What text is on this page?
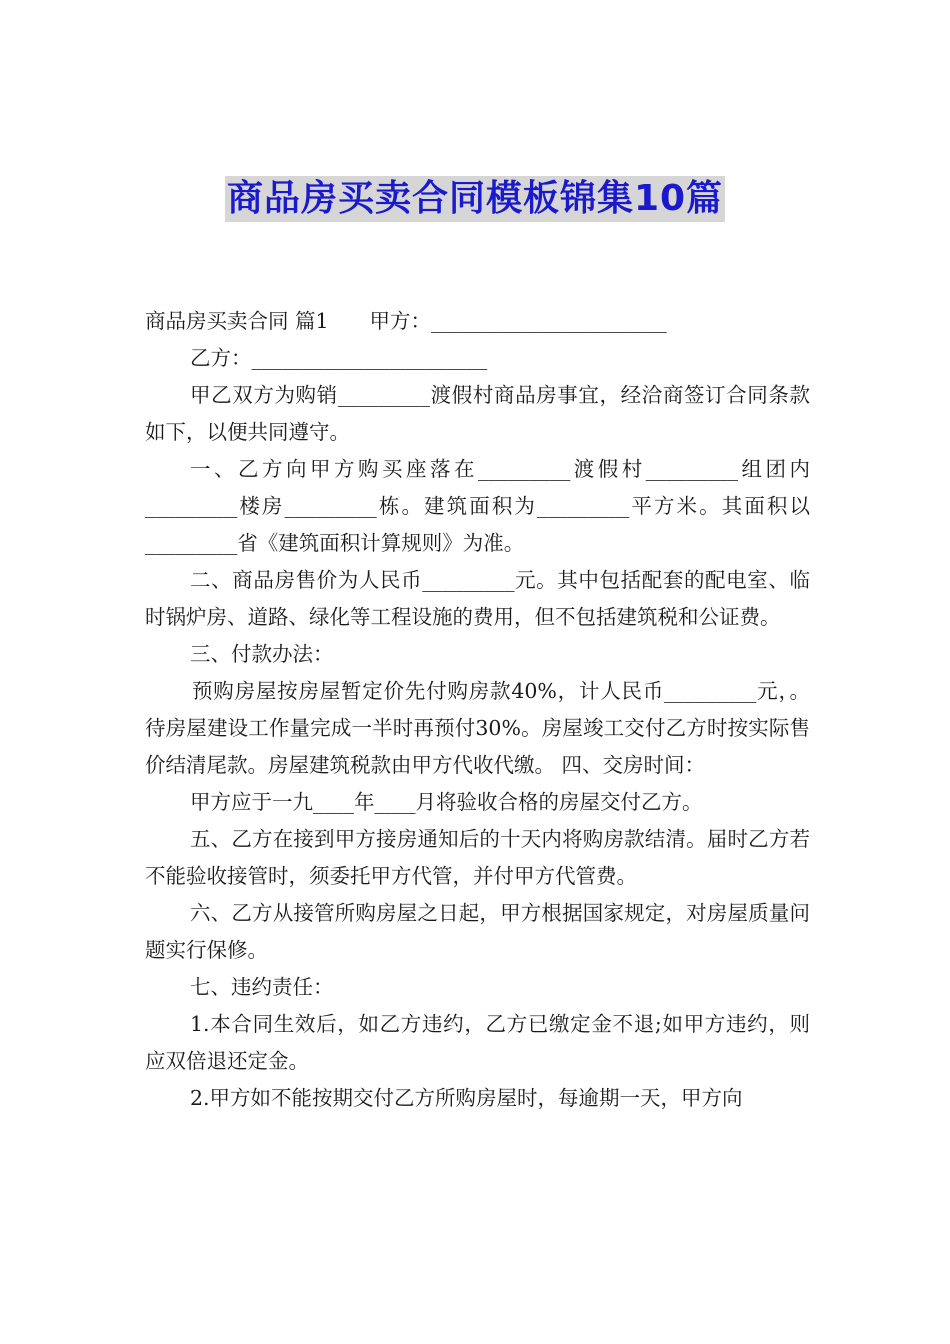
商品房买卖合同模板锦集10篇

商品房买卖合同 篇1　　甲方：_______________________

乙方：_______________________

甲乙双方为购销_________渡假村商品房事宜，经洽商签订合同条款如下，以便共同遵守。

一、乙方向甲方购买座落在_________渡假村_________组团内_________楼房_________栋。建筑面积为_________平方米。其面积以_________省《建筑面积计算规则》为准。

二、商品房售价为人民币_________元。其中包括配套的配电室、临时锅炉房、道路、绿化等工程设施的费用，但不包括建筑税和公证费。

三、付款办法：

预购房屋按房屋暂定价先付购房款40%，计人民币_________元，。待房屋建设工作量完成一半时再预付30%。房屋竣工交付乙方时按实际售价结清尾款。房屋建筑税款由甲方代收代缴。 四、交房时间：

甲方应于一九____年____月将验收合格的房屋交付乙方。

五、乙方在接到甲方接房通知后的十天内将购房款结清。届时乙方若不能验收接管时，须委托甲方代管，并付甲方代管费。

六、乙方从接管所购房屋之日起，甲方根据国家规定，对房屋质量问题实行保修。

七、违约责任：

1.本合同生效后，如乙方违约，乙方已缴定金不退;如甲方违约，则应双倍退还定金。

2.甲方如不能按期交付乙方所购房屋时，每逾期一天，甲方向
